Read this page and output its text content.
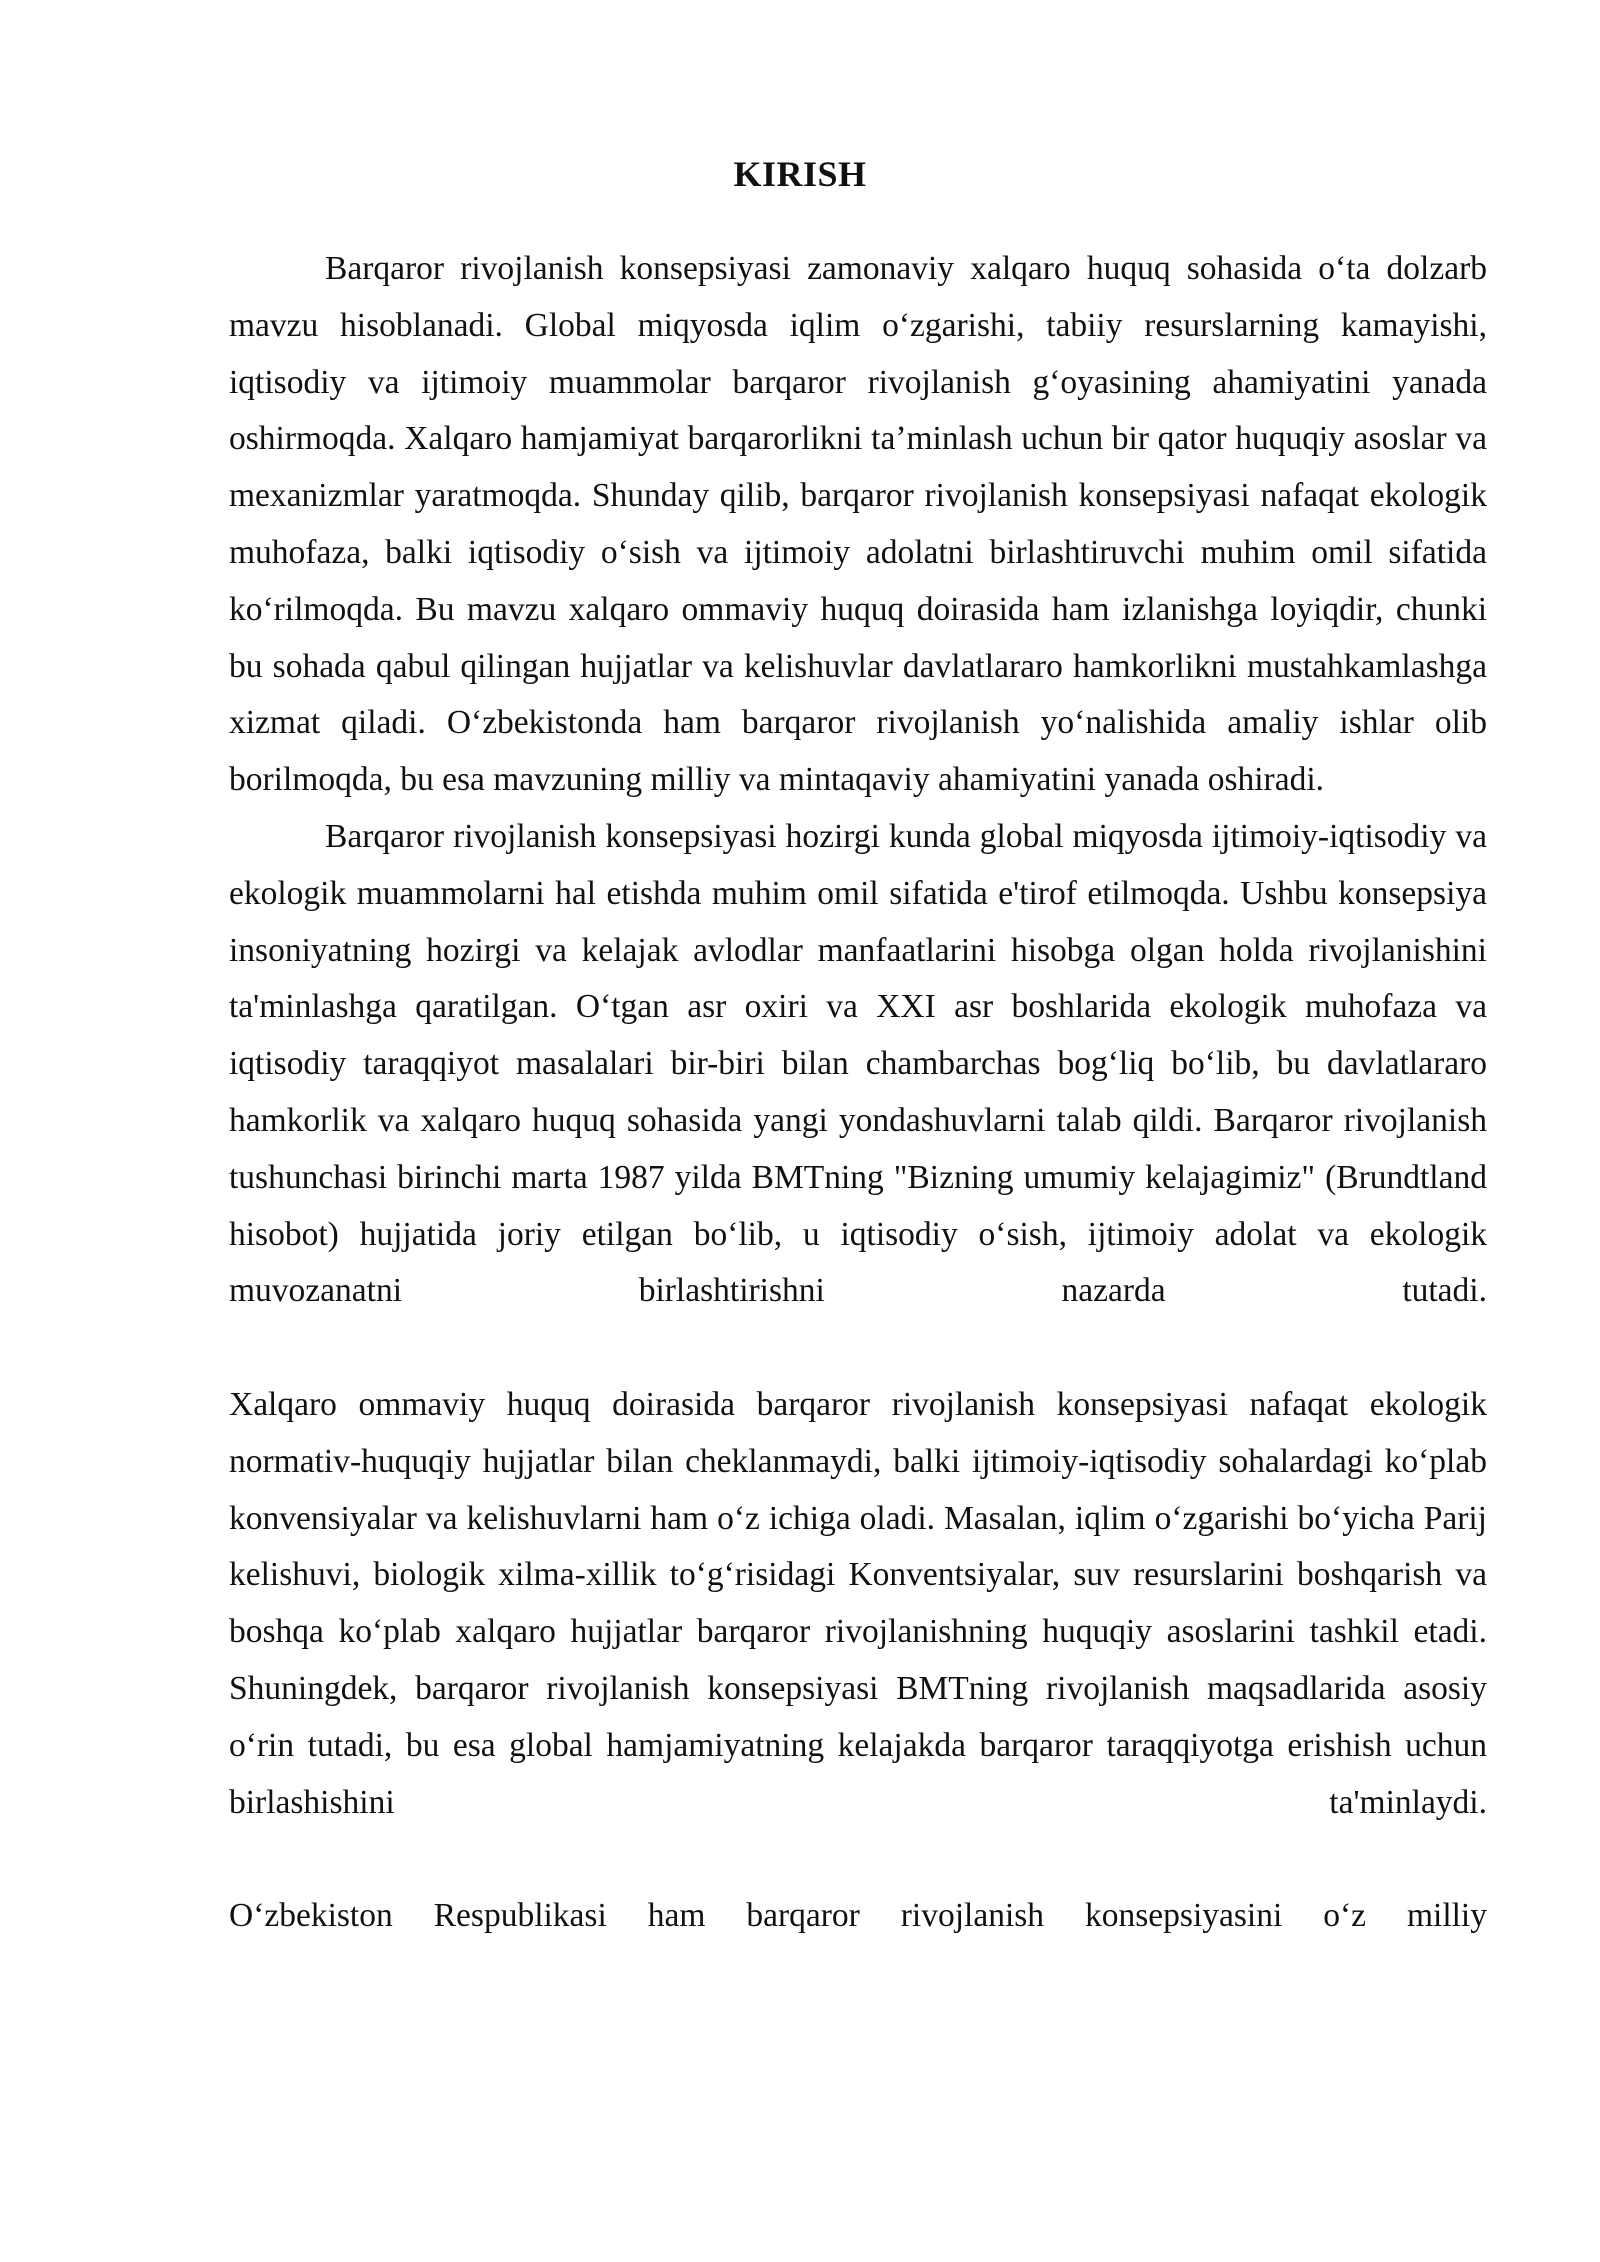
KIRISH

Barqaror rivojlanish konsepsiyasi zamonaviy xalqaro huquq sohasida oʻta dolzarb mavzu hisoblanadi. Global miqyosda iqlim oʻzgarishi, tabiiy resurslarning kamayishi, iqtisodiy va ijtimoiy muammolar barqaror rivojlanish gʻoyasining ahamiyatini yanada oshirmoqda. Xalqaro hamjamiyat barqarorlikni taʼminlash uchun bir qator huquqiy asoslar va mexanizmlar yaratmoqda. Shunday qilib, barqaror rivojlanish konsepsiyasi nafaqat ekologik muhofaza, balki iqtisodiy oʻsish va ijtimoiy adolatni birlashtiruvchi muhim omil sifatida koʻrilmoqda. Bu mavzu xalqaro ommaviy huquq doirasida ham izlanishga loyiqdir, chunki bu sohada qabul qilingan hujjatlar va kelishuvlar davlatlararo hamkorlikni mustahkamlashga xizmat qiladi. Oʻzbekistonda ham barqaror rivojlanish yoʻnalishida amaliy ishlar olib borilmoqda, bu esa mavzuning milliy va mintaqaviy ahamiyatini yanada oshiradi.

Barqaror rivojlanish konsepsiyasi hozirgi kunda global miqyosda ijtimoiy-iqtisodiy va ekologik muammolarni hal etishda muhim omil sifatida e'tirof etilmoqda. Ushbu konsepsiya insoniyatning hozirgi va kelajak avlodlar manfaatlarini hisobga olgan holda rivojlanishini ta'minlashga qaratilgan. Oʻtgan asr oxiri va XXI asr boshlarida ekologik muhofaza va iqtisodiy taraqqiyot masalalari bir-biri bilan chambarchas bogʻliq boʻlib, bu davlatlararo hamkorlik va xalqaro huquq sohasida yangi yondashuvlarni talab qildi. Barqaror rivojlanish tushunchasi birinchi marta 1987 yilda BMTning "Bizning umumiy kelajagimiz" (Brundtland hisobot) hujjatida joriy etilgan boʻlib, u iqtisodiy oʻsish, ijtimoiy adolat va ekologik muvozanatni birlashtirishni nazarda tutadi.

Xalqaro ommaviy huquq doirasida barqaror rivojlanish konsepsiyasi nafaqat ekologik normativ-huquqiy hujjatlar bilan cheklanmaydi, balki ijtimoiy-iqtisodiy sohalardagi koʻplab konvensiyalar va kelishuvlarni ham oʻz ichiga oladi. Masalan, iqlim oʻzgarishi boʻyicha Parij kelishuvi, biologik xilma-xillik toʻgʻrisidagi Konventsiyalar, suv resurslarini boshqarish va boshqa koʻplab xalqaro hujjatlar barqaror rivojlanishning huquqiy asoslarini tashkil etadi. Shuningdek, barqaror rivojlanish konsepsiyasi BMTning rivojlanish maqsadlarida asosiy oʻrin tutadi, bu esa global hamjamiyatning kelajakda barqaror taraqqiyotga erishish uchun birlashishini ta'minlaydi.

Oʻzbekiston Respublikasi ham barqaror rivojlanish konsepsiyasini oʻz milliy
